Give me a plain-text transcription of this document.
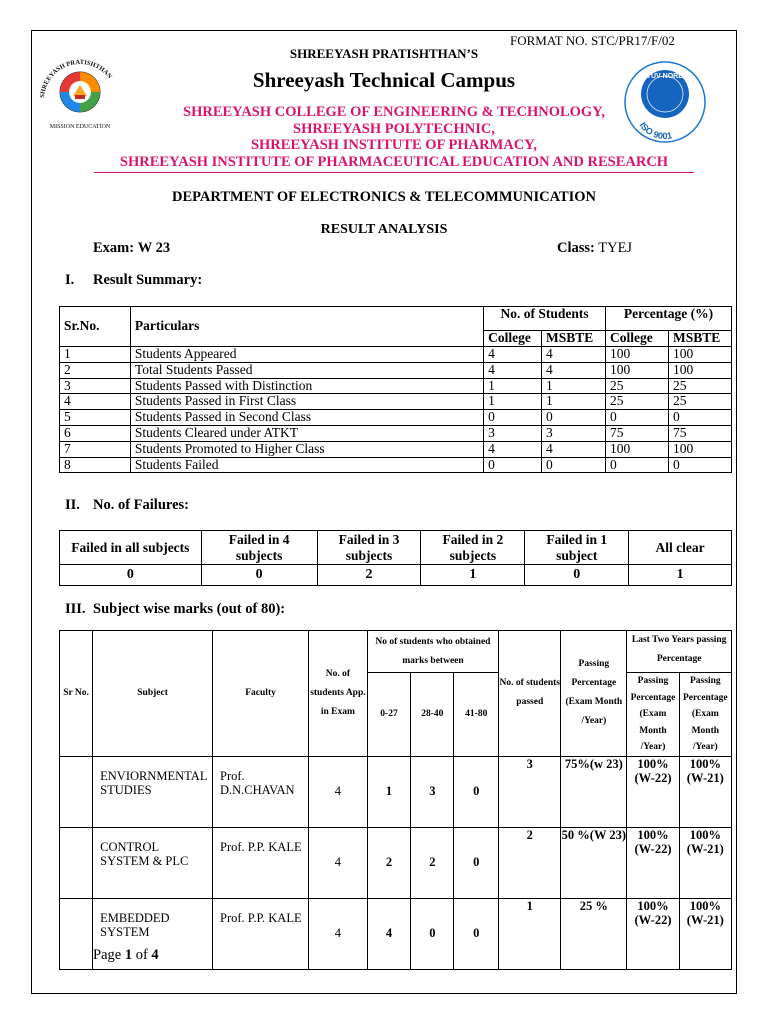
SHREEYASH PRATISHTHAN
MISSION EDUCATION
TUV NORD
ISO 9001
FORMAT NO. STC/PR17/F/02
SHREEYASH PRATISHTHAN’S
Shreeyash Technical Campus
SHREEYASH COLLEGE OF ENGINEERING & TECHNOLOGY,
SHREEYASH POLYTECHNIC,
SHREEYASH INSTITUTE OF PHARMACY,
SHREEYASH INSTITUTE OF PHARMACEUTICAL EDUCATION AND RESEARCH
DEPARTMENT OF ELECTRONICS & TELECOMMUNICATION
RESULT ANALYSIS
Exam: W 23	Class: TYEJ
I. Result Summary:
Sr.No.	Particulars	No. of Students		Percentage (%)	
		College	MSBTE	College	MSBTE
1	Students Appeared	4	4	100	100
2	Total Students Passed	4	4	100	100
3	Students Passed with Distinction	1	1	25	25
4	Students Passed in First Class	1	1	25	25
5	Students Passed in Second Class	0	0	0	0
6	Students Cleared under ATKT	3	3	75	75
7	Students Promoted to Higher Class	4	4	100	100
8	Students Failed	0	0	0	0
II. No. of Failures:
Failed in all subjects	Failed in 4 subjects	Failed in 3 subjects	Failed in 2 subjects	Failed in 1 subject	All clear
0	0	2	1	0	1
III. Subject wise marks (out of 80):
Sr No.	Subject	Faculty	No. of students App. in Exam	No of students who obtained marks between			No. of students passed	Passing Percentage (Exam Month /Year)	Last Two Years passing Percentage	
				0-27	28-40	41-80			Passing Percentage (Exam Month /Year)	Passing Percentage (Exam Month /Year)

	ENVIORNMENTAL STUDIES	Prof. D.N.CHAVAN	4	1	3	0	3	75%(w 23)	100% (W-22)	100% (W-21)
	CONTROL SYSTEM & PLC	Prof. P.P. KALE	4	2	2	0	2	50 %(W 23)	100% (W-22)	100% (W-21)
	EMBEDDED SYSTEM	Prof. P.P. KALE	4	4	0	0	1	25 %	100% (W-22)	100% (W-21)
Page 1 of 4
